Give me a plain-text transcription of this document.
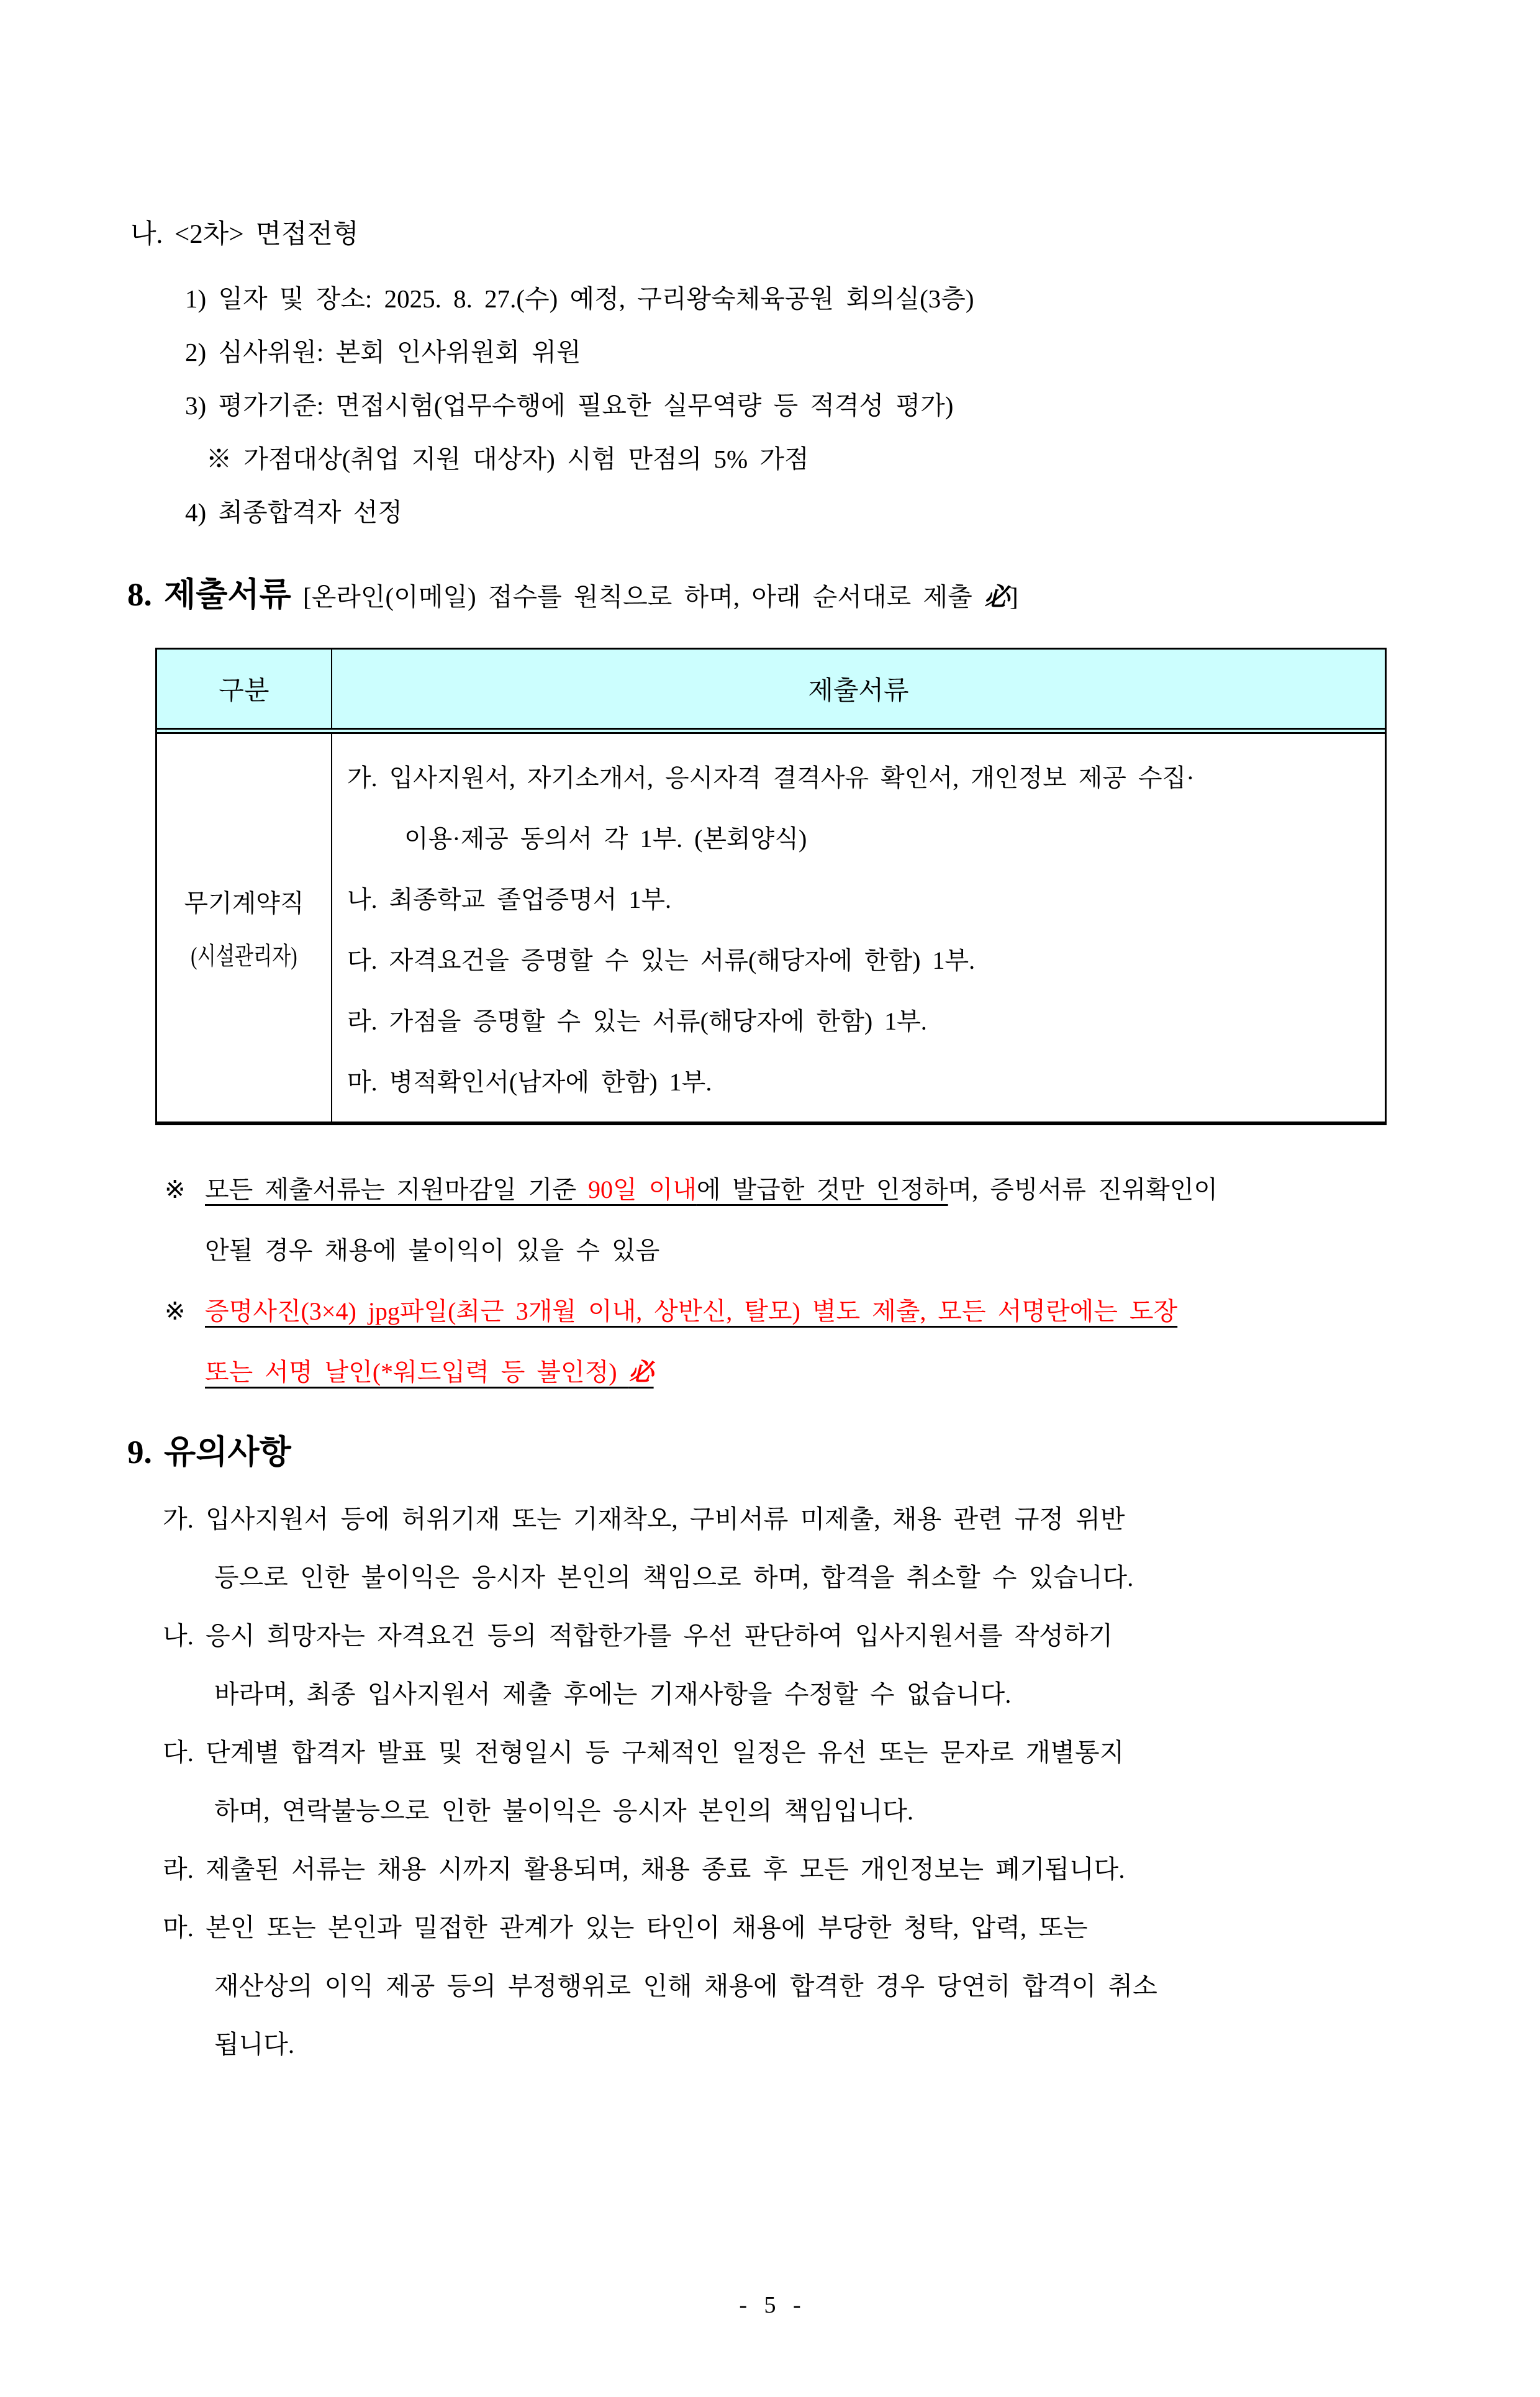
나. <2차> 면접전형
1) 일자 및 장소: 2025. 8. 27.(수) 예정, 구리왕숙체육공원 회의실(3층)
2) 심사위원: 본회 인사위원회 위원
3) 평가기준: 면접시험(업무수행에 필요한 실무역량 등 적격성 평가)
※ 가점대상(취업 지원 대상자) 시험 만점의 5% 가점
4) 최종합격자 선정
8. 제출서류 [온라인(이메일) 접수를 원칙으로 하며, 아래 순서대로 제출 必]
구분	제출서류
무기계약직
(시설관리자)
가. 입사지원서, 자기소개서, 응시자격 결격사유 확인서, 개인정보 제공 수집·
이용·제공 동의서 각 1부. (본회양식)
나. 최종학교 졸업증명서 1부.
다. 자격요건을 증명할 수 있는 서류(해당자에 한함) 1부.
라. 가점을 증명할 수 있는 서류(해당자에 한함) 1부.
마. 병적확인서(남자에 한함) 1부.
※ 모든 제출서류는 지원마감일 기준 90일 이내에 발급한 것만 인정하며, 증빙서류 진위확인이
안될 경우 채용에 불이익이 있을 수 있음
※ 증명사진(3×4) jpg파일(최근 3개월 이내, 상반신, 탈모) 별도 제출, 모든 서명란에는 도장
또는 서명 날인(*워드입력 등 불인정) 必
9. 유의사항
가. 입사지원서 등에 허위기재 또는 기재착오, 구비서류 미제출, 채용 관련 규정 위반
등으로 인한 불이익은 응시자 본인의 책임으로 하며, 합격을 취소할 수 있습니다.
나. 응시 희망자는 자격요건 등의 적합한가를 우선 판단하여 입사지원서를 작성하기
바라며, 최종 입사지원서 제출 후에는 기재사항을 수정할 수 없습니다.
다. 단계별 합격자 발표 및 전형일시 등 구체적인 일정은 유선 또는 문자로 개별통지
하며, 연락불능으로 인한 불이익은 응시자 본인의 책임입니다.
라. 제출된 서류는 채용 시까지 활용되며, 채용 종료 후 모든 개인정보는 폐기됩니다.
마. 본인 또는 본인과 밀접한 관계가 있는 타인이 채용에 부당한 청탁, 압력, 또는
재산상의 이익 제공 등의 부정행위로 인해 채용에 합격한 경우 당연히 합격이 취소
됩니다.
- 5 -
